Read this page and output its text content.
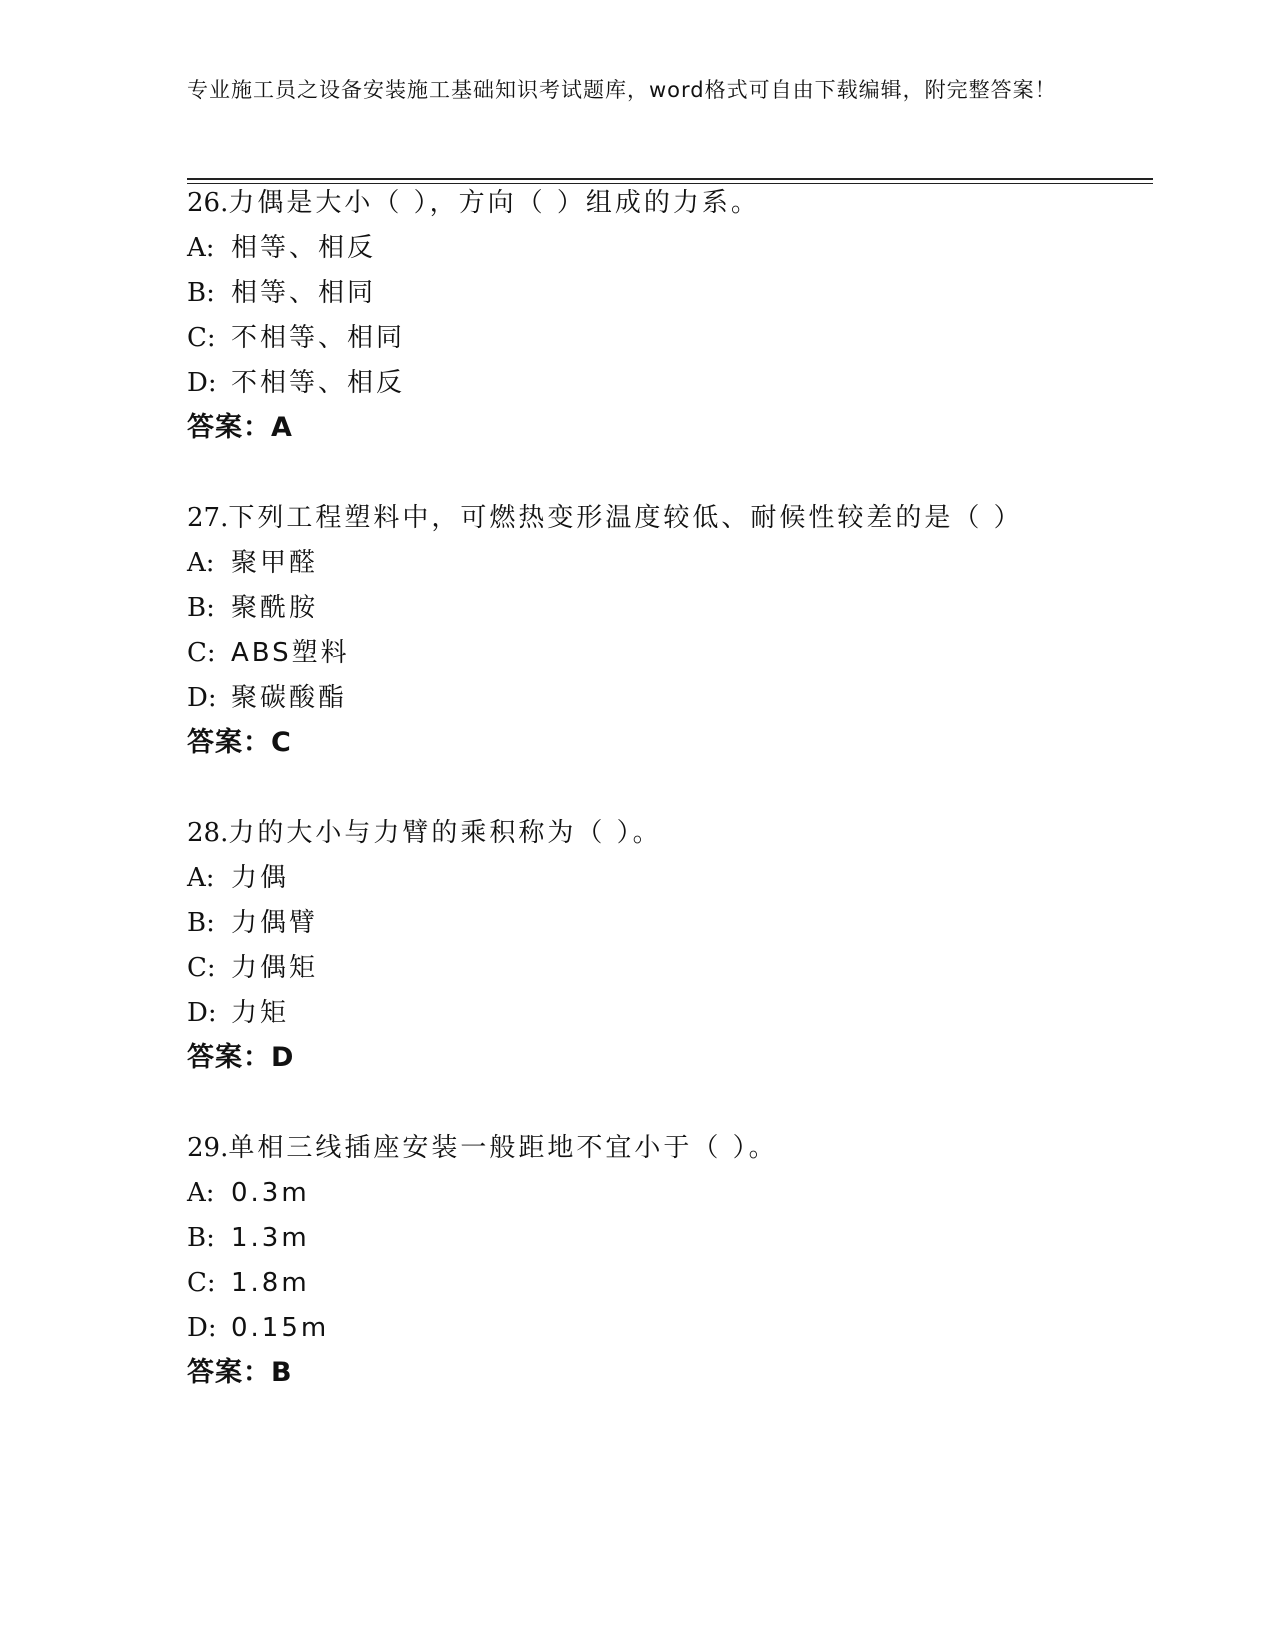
专业施工员之设备安装施工基础知识考试题库，word格式可自由下载编辑，附完整答案！
26.力偶是大小（ ），方向（ ）组成的力系。
A: 相等、相反
B: 相等、相同
C: 不相等、相同
D: 不相等、相反
答案：A
27.下列工程塑料中，可燃热变形温度较低、耐候性较差的是（ ）
A: 聚甲醛
B: 聚酰胺
C: ABS塑料
D: 聚碳酸酯
答案：C
28.力的大小与力臂的乘积称为（ ）。
A: 力偶
B: 力偶臂
C: 力偶矩
D: 力矩
答案：D
29.单相三线插座安装一般距地不宜小于（ ）。
A: 0.3m
B: 1.3m
C: 1.8m
D: 0.15m
答案：B
